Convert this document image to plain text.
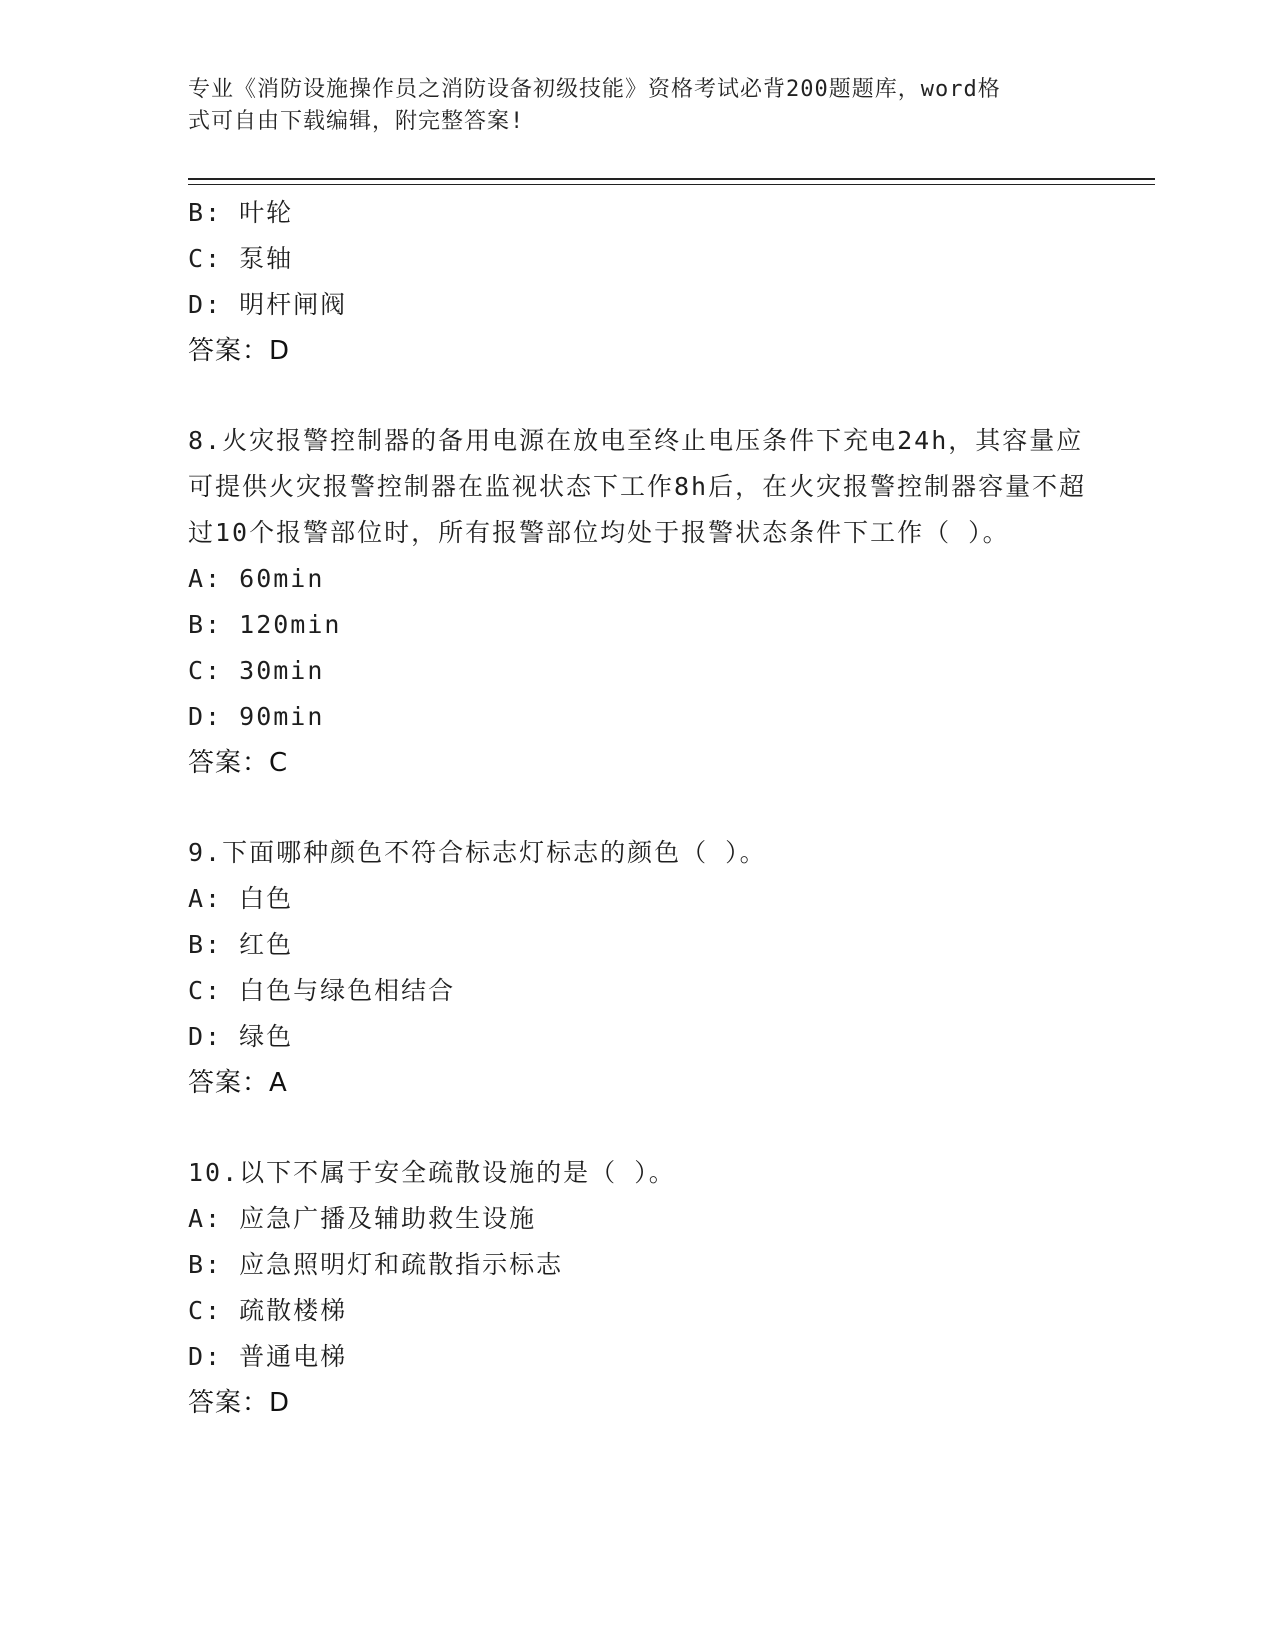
专业《消防设施操作员之消防设备初级技能》资格考试必背200题题库，word格
式可自由下载编辑，附完整答案!
B: 叶轮
C: 泵轴
D: 明杆闸阀
答案：D
8.火灾报警控制器的备用电源在放电至终止电压条件下充电24h，其容量应可提供火灾报警控制器在监视状态下工作8h后，在火灾报警控制器容量不超过10个报警部位时，所有报警部位均处于报警状态条件下工作（ ）。
A: 60min
B: 120min
C: 30min
D: 90min
答案：C
9.下面哪种颜色不符合标志灯标志的颜色（ ）。
A: 白色
B: 红色
C: 白色与绿色相结合
D: 绿色
答案：A
10.以下不属于安全疏散设施的是（ ）。
A: 应急广播及辅助救生设施
B: 应急照明灯和疏散指示标志
C: 疏散楼梯
D: 普通电梯
答案：D
